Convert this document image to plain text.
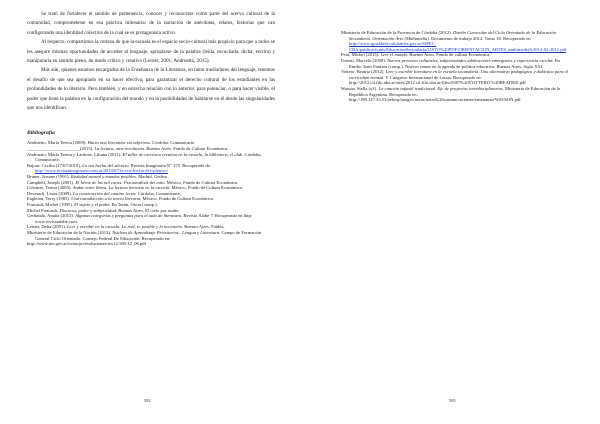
Se trató de fortalecer el sentido de pertenencia, conocer y reconocerse como parte del acervo cultural de la comunidad, comprometerse en esa práctica milenaria: de la narración de anécdotas, relatos, historias que van configurando una identidad colectiva de la cual se es protagonista activo.

Al respecto, compartimos la certeza de que la escuela es el espacio socio-cultural más propicio para que a todos se les asegure mismas oportunidades de acceder al lenguaje, apropiarse de la palabra (leída, escuchada, dicha, escrita) y manipularla en sentido pleno, de modo crítico y creativo (Lerner, 2001; Andruetto, 2015).

Más aún, quienes estamos encargados de la Enseñanza de la Literatura, en tanto mediadores del lenguaje, tenemos el desafío de que sea apropiado en su hacer efectiva, para garantizar el derecho cultural de los estudiantes en las profundidades de lo literario. Pero también, y en estrecha relación con lo anterior, para potenciar, o para hacer visible, el poder que tiene la palabra en la configuración del mundo y en la posibilidades de habitarse en él desde las singularidades que nos identifican.

Bibliografía

Andruetto, María Teresa (2009). Hacia una literatura sin adjetivos. Córdoba, Comunicarte.

_______________________(2015). La lectura, otra revolución. Buenos Aires, Fondo de Cultura Económica.

Andruetto, María Teresa y Lardone, Liliana (2011). El taller de escritura creativa en la escuela, la biblioteca, el club. Córdoba, Comunicarte.

Bajour, Cecilia (27/07/2010). La voz hecha del silencio. Revista Imaginaria N° 275. Recuperado de: http://www.revistaimaginaria.com.ar/2010/07/la-voz-hecha-del-silencio/

Bruner, Jerome (1991). Realidad mental y mundos posibles. Madrid, Gedisa.

Campbell, Joseph (2001). El héroe de las mil caras: Psicoanálisis del mito. México, Fondo de Cultura Económica.

Colomer, Teresa (2005). Andar entre libros. La lectura literaria en la escuela. México, Fondo de Cultura Económica.

Devetach, Laura (2009). La construcción del camino lector. Córdoba, Comunicarte.

Eagleton, Terry (1983). Una introducción a la teoría literaria. México, Fondo de Cultura Económica.

Foucault, Michel (1995). El sujeto y el poder. En Terán, Oscar (comp.).

Michel Foucault. Discurso, poder y subjetividad. Buenos Aires, El cielo por asalto.

Gerbaudo, Analía (2013). Algunas categorías y preguntas para el aula de literatura. Revista Álabe 7. Recuperado en http: www.revistaalabe.com.

Lerner, Delia (2001). Leer y escribir en la escuela. Lo real, lo posible y lo necesario. Buenos Aires, Paidós.

Ministerio de Educación de la Nación (2012). Núcleos de Aprendizaje Prioritarios– Lengua y Literatura. Campo de Formación General Ciclo Orientado. Consejo Federal De Educación. Recuperado en:

http://www.me.gov.ar/consejo/resoluciones/res12/180-12_06.pdf

582

Ministerio de Educación de la Provincia de Córdoba (2012). Diseño Curricular del Ciclo Orientado de la Educación Secundaria. Orientación Arte (Multimedia). Documento de trabajo 2012. Tomo 18. Recuperado en http://www.igualdadycalidadcba.gov.ar/SIPEC-CBA/publicaciones/EducacionSecundaria/LISTO%20PDF/ORIENTACION_ARTES_multimedia%2012-02-2012.pdf

Petit, Michel (2015). Leer el mundo. Buenos Aires, Fondo de cultura Económica.

Urresti, Marcelo (2008). Nuevos procesos culturales, subjetividades adolescentes emergentes y experiencia escolar. En Emilio Tenti Fanfani (comp.). Nuevos temas en la agenda de política educativa. Buenos Aires, Siglo XXI.

Vottero, Beatriz (2012). Leer y escribir literatura en la escuela secundaria. Una alternativa pedagógica y didáctica para el curriculum trenzal. V Congreso Internacional de Letras. Recuperado en: http://2012.cil.filo.uba.ar/sites/2012.cil.filo.uba.ar/files/0387%20VOTTERO,%20BEATRIZ.pdf

Watson, Stella (s/f). La canción infantil tradicional. Eje de proyectos interdisciplinarios. Ministerio de Educación de la República Argentina. Recuperado en: http://190.147.33.53/aelorp/images/notas/notas%20comunicaciones/ensenanza/WATSON.pdf

583
